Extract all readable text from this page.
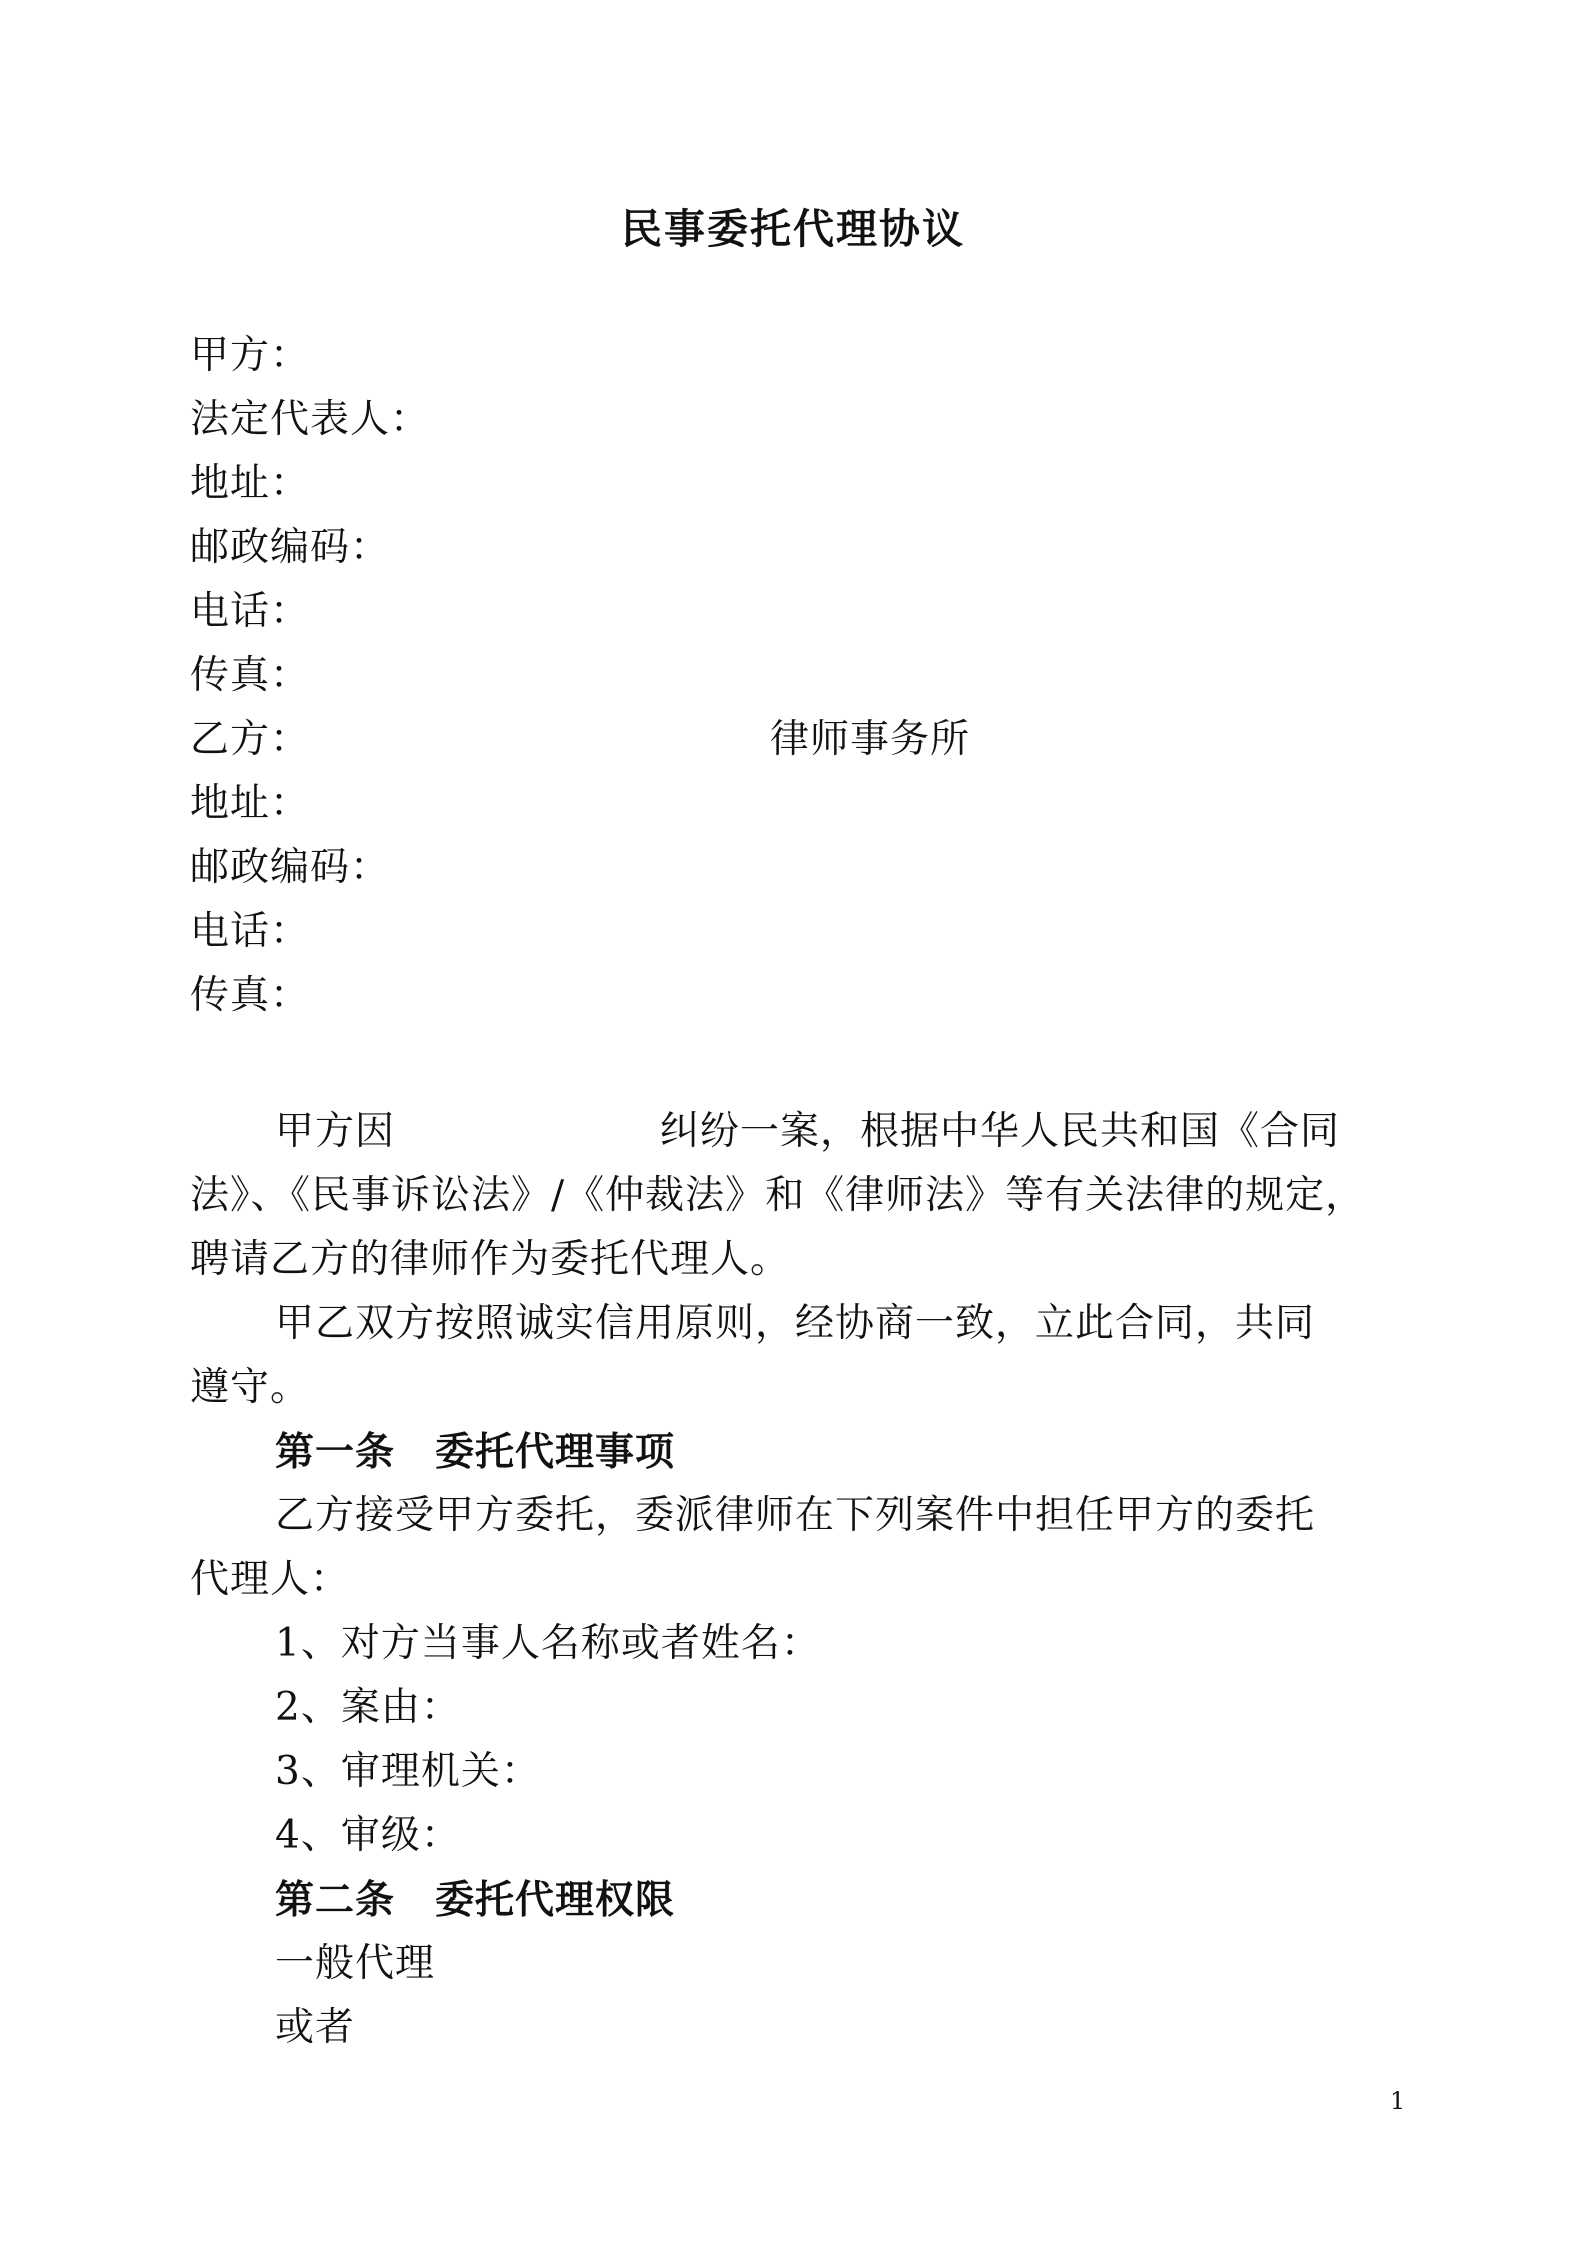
民事委托代理协议
甲方：
法定代表人：
地址：
邮政编码：
电话：
传真：
乙方：	律师事务所
地址：
邮政编码：
电话：
传真：
甲方因	纠纷一案，根据中华人民共和国《合同
法》、《民事诉讼法》/《仲裁法》和《律师法》等有关法律的规定，
聘请乙方的律师作为委托代理人。
甲乙双方按照诚实信用原则，经协商一致，立此合同，共同
遵守。
第一条 委托代理事项
乙方接受甲方委托，委派律师在下列案件中担任甲方的委托
代理人：
1、对方当事人名称或者姓名：
2、案由：
3、审理机关：
4、审级：
第二条 委托代理权限
一般代理
或者
1
